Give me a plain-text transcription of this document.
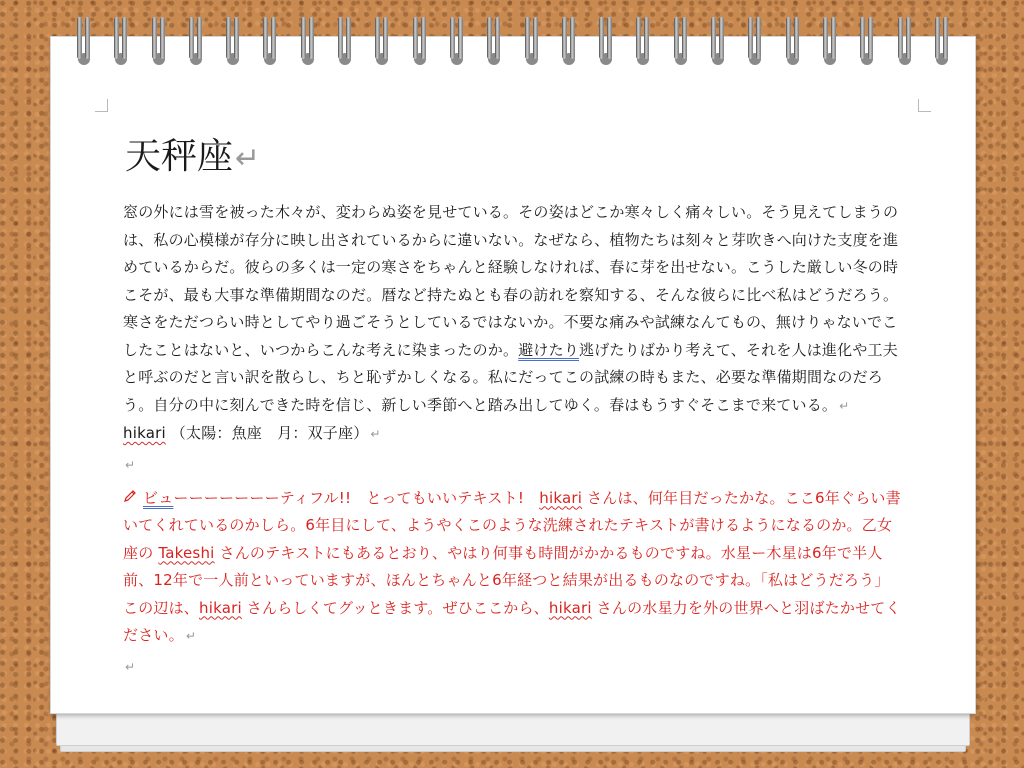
天秤座↵

窓の外には雪を被った木々が、変わらぬ姿を見せている。その姿はどこか寒々しく痛々しい。そう見えてしまうのは、私の心模様が存分に映し出されているからに違いない。なぜなら、植物たちは刻々と芽吹きへ向けた支度を進めているからだ。彼らの多くは一定の寒さをちゃんと経験しなければ、春に芽を出せない。こうした厳しい冬の時こそが、最も大事な準備期間なのだ。暦など持たぬとも春の訪れを察知する、そんな彼らに比べ私はどうだろう。寒さをただつらい時としてやり過ごそうとしているではないか。不要な痛みや試練なんてもの、無けりゃないでこしたことはないと、いつからこんな考えに染まったのか。避けたり逃げたりばかり考えて、それを人は進化や工夫と呼ぶのだと言い訳を散らし、ちと恥ずかしくなる。私にだってこの試練の時もまた、必要な準備期間なのだろう。自分の中に刻んできた時を信じ、新しい季節へと踏み出してゆく。春はもうすぐそこまで来ている。 ↵

hikari （太陽：魚座　月：双子座） ↵

↵

ビューーーーーーーティフル!!　とってもいいテキスト!　hikari さんは、何年目だったかな。ここ6年ぐらい書いてくれているのかしら。6年目にして、ようやくこのような洗練されたテキストが書けるようになるのか。乙女座の Takeshi さんのテキストにもあるとおり、やはり何事も時間がかかるものですね。水星ー木星は6年で半人前、12年で一人前といっていますが、ほんとちゃんと6年経つと結果が出るものなのですね。「私はどうだろう」この辺は、hikari さんらしくてグッときます。ぜひここから、hikari さんの水星力を外の世界へと羽ばたかせてください。 ↵

↵
